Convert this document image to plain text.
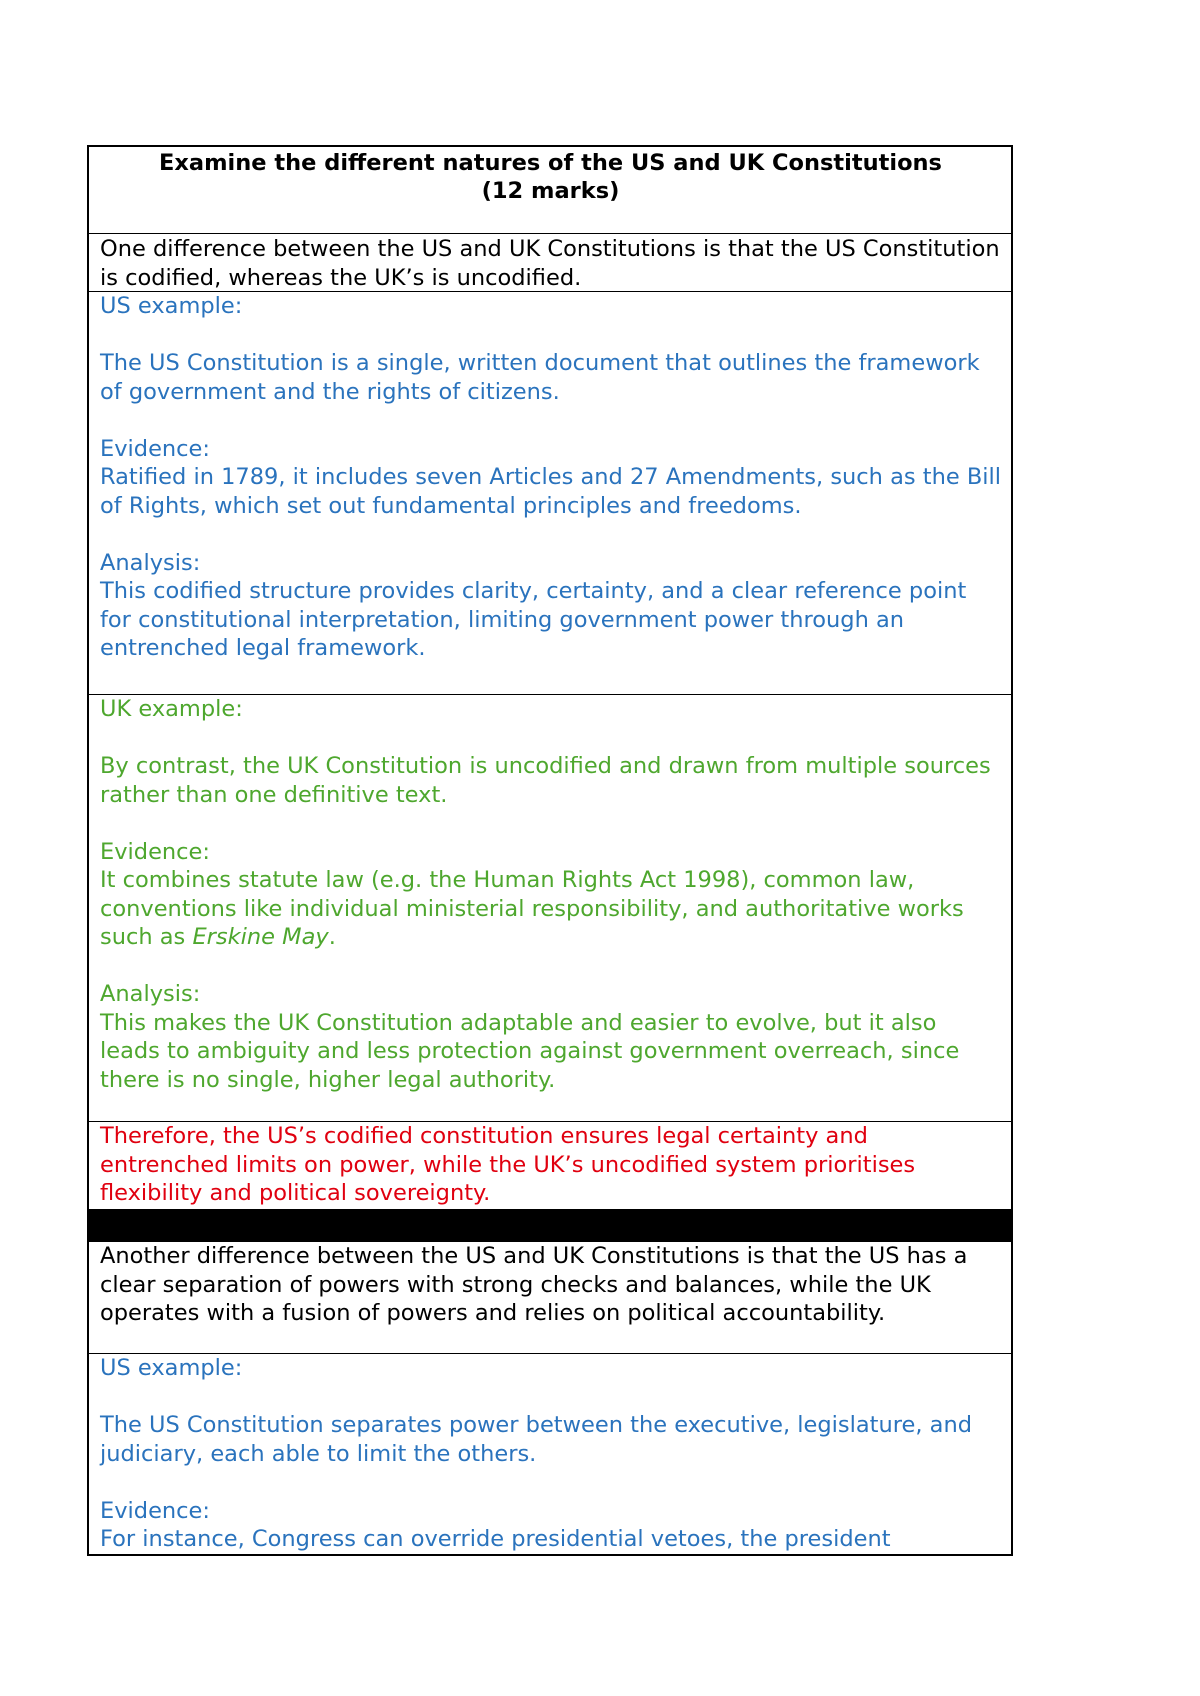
Examine the different natures of the US and UK Constitutions
(12 marks)

One difference between the US and UK Constitutions is that the US Constitution is codified, whereas the UK’s is uncodified.

US example:

The US Constitution is a single, written document that outlines the framework of government and the rights of citizens.

Evidence:

Ratified in 1789, it includes seven Articles and 27 Amendments, such as the Bill of Rights, which set out fundamental principles and freedoms.

Analysis:

This codified structure provides clarity, certainty, and a clear reference point for constitutional interpretation, limiting government power through an entrenched legal framework.

UK example:

By contrast, the UK Constitution is uncodified and drawn from multiple sources rather than one definitive text.

Evidence:

It combines statute law (e.g. the Human Rights Act 1998), common law, conventions like individual ministerial responsibility, and authoritative works such as Erskine May.

Analysis:

This makes the UK Constitution adaptable and easier to evolve, but it also leads to ambiguity and less protection against government overreach, since there is no single, higher legal authority.

Therefore, the US’s codified constitution ensures legal certainty and entrenched limits on power, while the UK’s uncodified system prioritises flexibility and political sovereignty.

Another difference between the US and UK Constitutions is that the US has a clear separation of powers with strong checks and balances, while the UK operates with a fusion of powers and relies on political accountability.

US example:

The US Constitution separates power between the executive, legislature, and judiciary, each able to limit the others.

Evidence:

For instance, Congress can override presidential vetoes, the president
